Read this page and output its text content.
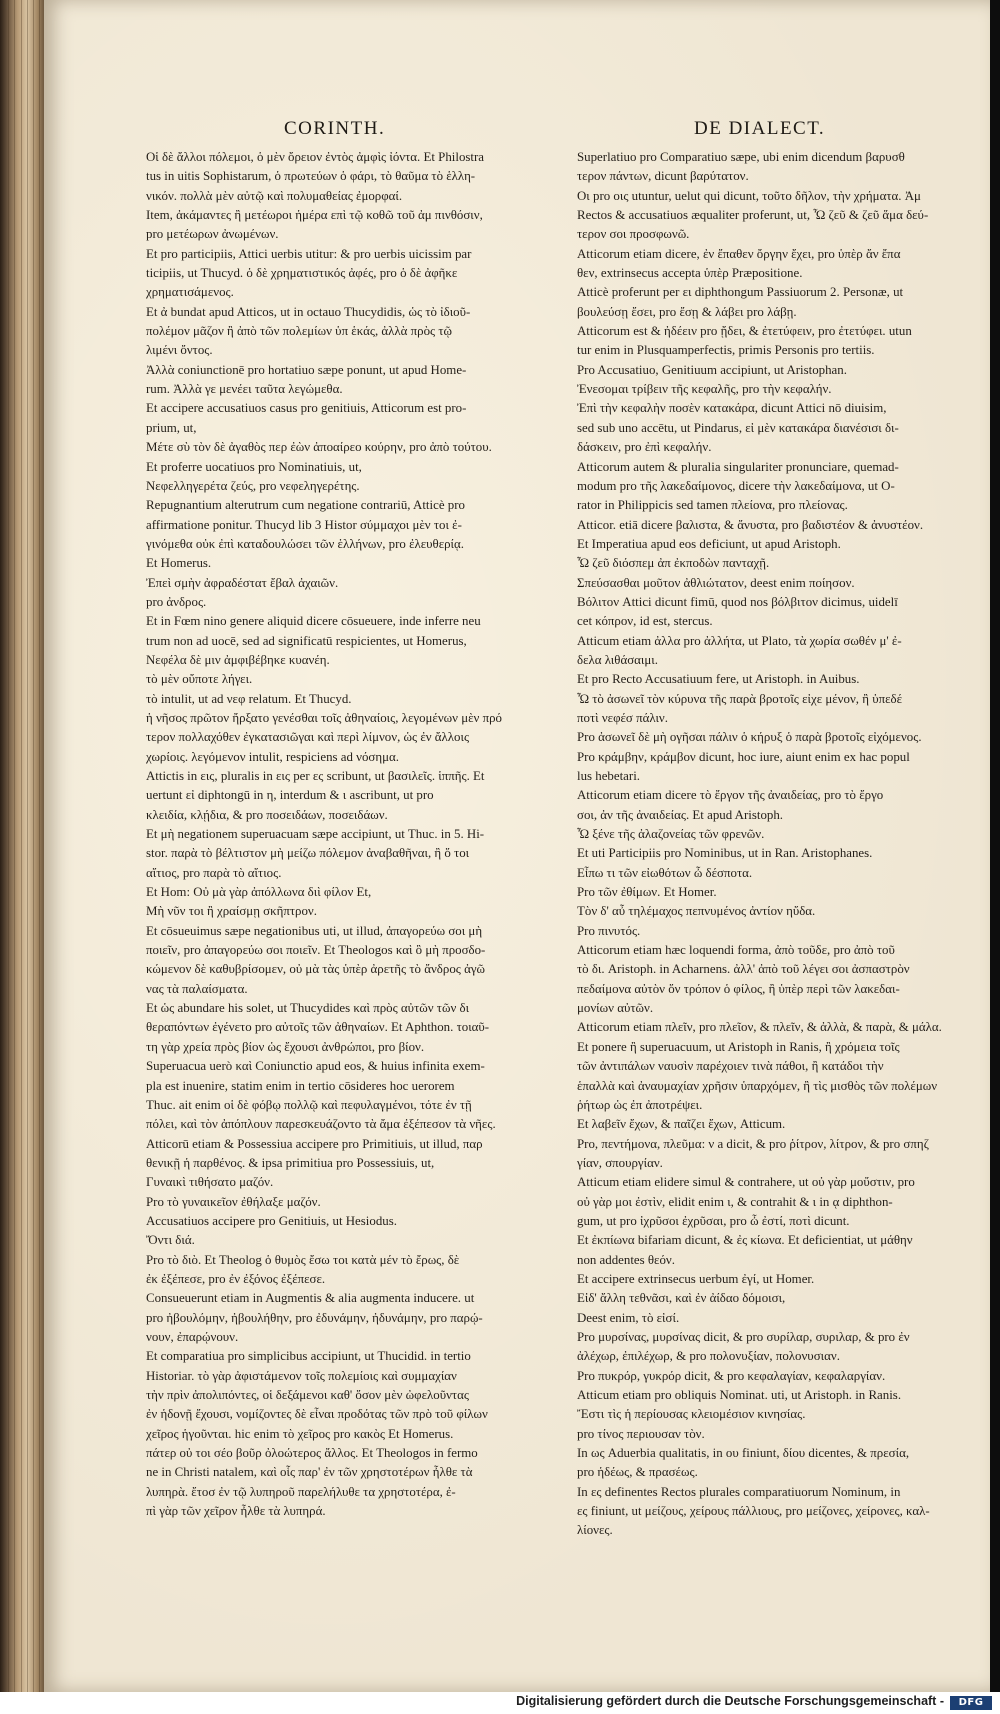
CORINTH.	DE DIALECT.

Οἱ δὲ ἄλλοι πόλεμοι, ὁ μὲν ὄρειον ἐντὸς ἀμφὶς ἰόντα. Et Philostra

tus in uitis Sophistarum, ὁ πρωτεύων ὁ φάρι, τὸ θαῦμα τὸ ἑλλη-

νικόν. πολλὰ μὲν αὐτῷ καὶ πολυμαθείας ἐμορφαί.

Item, ἀκάμαντες ἢ μετέωροι ἡμέρα επὶ τῷ κοθῶ τοῦ ἀμ πινθόσιν,

pro μετέωρων ἀνωμένων.

Et pro participiis, Attici uerbis utitur: & pro uerbis uicissim par

ticipiis, ut Thucyd. ὁ δὲ χρηματιστικός ἀφές, pro ὁ δὲ ἀφῆκε

χρηματισάμενος.

Et ἀ bundat apud Atticos, ut in octauo Thucydidis, ὡς τὸ ἰδιοῦ-

πολέμον μᾶζον ἢ ἀπὸ τῶν πολεμίων ὑπ ἑκάς, ἀλλὰ πρὸς τῷ

λιμένι ὄντος.

Ἀλλὰ coniunctionē pro hortatiuo sæpe ponunt, ut apud Home-

rum. Ἀλλὰ γε μενέει ταῦτα λεγώμεθα.

Et accipere accusatiuos casus pro genitiuis, Atticorum est pro-

prium, ut,

Μέτε σὺ τὸν δὲ ἀγαθὸς περ ἐὼν ἀποαίρεο κούρην, pro ἀπὸ τούτου.

Et proferre uocatiuos pro Nominatiuis, ut,

Νεφελληγερέτα ζεύς, pro νεφεληγερέτης.

Repugnantium alterutrum cum negatione contrariū, Atticè pro

affirmatione ponitur. Thucyd lib 3 Histor σύμμαχοι μὲν τοι ἐ-

γινόμεθα οὐκ ἐπὶ καταδουλώσει τῶν ἑλλήνων, pro ἐλευθερίᾳ.

Et Homerus.

Ἐπεὶ σμὴν ἀφραδέστατ ἔβαλ ἀχαιῶν.

pro ἀνδρος.

Et in Fœm nino genere aliquid dicere cōsueuere, inde inferre neu

trum non ad uocē, sed ad significatū respicientes, ut Homerus,

Νεφέλα δὲ μιν ἀμφιβέβηκε κυανέη.

τὸ μὲν οὔποτε λήγει.

τὸ intulit, ut ad νεφ relatum. Et Thucyd.

ἡ νῆσος πρῶτον ἤρξατο γενέσθαι τοῖς ἀθηναίοις, λεγομένων μὲν πρό

τερον πολλαχόθεν ἐγκατασιῶγαι καὶ περὶ λίμνον, ὡς ἐν ἄλλοις

χωρίοις. λεγόμενον intulit, respiciens ad νόσημα.

Attictis in εις, pluralis in εις per ες scribunt, ut βασιλεῖς. ἱππῆς. Et

uertunt εἰ diphtongū in η, interdum & ι ascribunt, ut pro

κλειδία, κλῄδια, & pro ποσειδάων, ποσειδάων.

Et μὴ negationem superuacuam sæpe accipiunt, ut Thuc. in 5. Hi-

stor. παρὰ τὸ βέλτιστον μὴ μείζω πόλεμον ἀναβαθῆναι, ἢ ὅ τοι

αἴτιος, pro παρὰ τὸ αἴτιος.

Et Hom: Οὐ μὰ γὰρ ἀπόλλωνα διὶ φίλον Et,

Μὴ νῦν τοι ἢ χραίσμῃ σκῆπτρον.

Et cōsueuimus sæpe negationibus uti, ut illud, ἀπαγορεύω σοι μὴ

ποιεῖν, pro ἀπαγορεύω σοι ποιεῖν. Et Theologos καὶ ὃ μὴ προσδο-

κώμενον δὲ καθυβρίσομεν, οὐ μὰ τὰς ὑπὲρ ἀρετῆς τὸ ἄνδρος ἀγῶ

νας τὰ παλαίσματα.

Et ὡς abundare his solet, ut Thucydides καὶ πρὸς αὐτῶν τῶν δι

θεραπόντων ἐγένετο pro αὐτοῖς τῶν ἀθηναίων. Et Aphthon. τοιαῦ-

τη γὰρ χρεία πρὸς βίον ὡς ἔχουσι ἀνθρώποι, pro βίον.

Superuacua uerò καὶ Coniunctio apud eos, & huius infinita exem-

pla est inuenire, statim enim in tertio cōsideres hoc uerorem

Thuc. ait enim οἱ δὲ φόβῳ πολλῷ καὶ πεφυλαγμένοι, τότε ἐν τῇ

πόλει, καὶ τὸν ἀπόπλουν παρεσκευάζοντο τὰ ἄμα ἐξέπεσον τὰ νῆες.

Atticorū etiam & Possessiua accipere pro Primitiuis, ut illud, παρ

θενικῇ ἡ παρθένος. & ipsa primitiua pro Possessiuis, ut,

Γυναικὶ τιθήσατο μαζόν.

Pro τὸ γυναικεῖον ἐθήλαξε μαζόν.

Accusatiuos accipere pro Genitiuis, ut Hesiodus.

Ὄντι διά.

Pro τὸ διὸ. Et Theolog ὁ θυμὸς ἔσω τοι κατὰ μέν τὸ ἔρως, δὲ

ἐκ ἐξέπεσε, pro ἐν ἐξόνος ἐξέπεσε.

Consueuerunt etiam in Augmentis & alia augmenta inducere. ut

pro ἠβουλόμην, ἠβουλήθην, pro ἐδυνάμην, ἠδυνάμην, pro παρῴ-

νουν, ἐπαρῴνουν.

Et comparatiua pro simplicibus accipiunt, ut Thucidid. in tertio

Historiar. τὸ γὰρ ἀφιστάμενον τοῖς πολεμίοις καὶ συμμαχίαν

τὴν πρὶν ἀπολιπόντες, οἱ δεξάμενοι καθ' ὅσον μὲν ὠφελοῦντας

ἐν ἡδονῇ ἔχουσι, νομίζοντες δὲ εἶναι προδότας τῶν πρὸ τοῦ φίλων

χεῖρος ἡγοῦνται. hic enim τὸ χεῖρος pro κακὸς Et Homerus.

πάτερ οὐ τοι σέο βοῦρ ὀλοώτερος ἄλλος. Et Theologos in fermo

ne in Christi natalem, καὶ οἷς παρ' ἐν τῶν χρηστοτέρων ἦλθε τὰ

λυπηρὰ. ἔτοσ ἐν τῷ λυπηροῦ παρελήλυθε τα χρηστοτέρα, ἐ-

πὶ γὰρ τῶν χεῖρον ἦλθε τὰ λυπηρά.

Superlatiuo pro Comparatiuo sæpe, ubi enim dicendum βαρυσθ

τερον πάντων, dicunt βαρύτατον.

Οι pro οις utuntur, uelut qui dicunt, τοῦτο δῆλον, τὴν χρήματα. Ἀμ

Rectos & accusatiuos æqualiter proferunt, ut, Ὦ ζεῦ & ζεῦ ἅμα δεύ-

τερον σοι προσφωνῶ.

Atticorum etiam dicere, ἐν ἔπαθεν ὄργην ἔχει, pro ὑπὲρ ἄν ἔπα

θεν, extrinsecus accepta ὑπὲρ Præpositione.

Atticè proferunt per ει diphthongum Passiuorum 2. Personæ, ut

βουλεύσῃ ἔσει, pro ἔσῃ & λάβει pro λάβῃ.

Atticorum est & ἠδέειν pro ᾔδει, & ἐτετύφειν, pro ἐτετύφει. utun

tur enim in Plusquamperfectis, primis Personis pro tertiis.

Pro Accusatiuo, Genitiuum accipiunt, ut Aristophan.

Ἐνεσομαι τρίβειν τῆς κεφαλῆς, pro τὴν κεφαλήν.

Ἐπὶ τὴν κεφαλὴν ποσὲν κατακάρα, dicunt Attici nō diuisim,

sed sub uno accētu, ut Pindarus, εἰ μὲν κατακάρα διανέσισι δι-

δάσκειν, pro ἐπὶ κεφαλήν.

Atticorum autem & pluralia singulariter pronunciare, quemad-

modum pro τῆς λακεδαίμονος, dicere τὴν λακεδαίμονα, ut O-

rator in Philippicis sed tamen πλείονα, pro πλείονας.

Atticor. etiā dicere βαλιστα, & ἄνυστα, pro βαδιστέον & ἀνυστέον.

Et Imperatiua apud eos deficiunt, ut apud Aristoph.

Ὦ ζεῦ διόσπεμ ἀπ ἐκποδὼν πανταχῇ.

Σπεύσασθαι μοῦτον ἀθλιώτατον, deest enim ποίησον.

Βόλιτον Attici dicunt fimū, quod nos βόλβιτον dicimus, uidelī

cet κόπρον, id est, stercus.

Atticum etiam ἀλλα pro ἀλλήτα, ut Plato, τὰ χωρία σωθέν μ' ἐ-

δελα λιθάσαιμι.

Et pro Recto Accusatiuum fere, ut Aristoph. in Auibus.

Ὦ τὸ ἀσωνεῖ τὸν κύρυνα τῆς παρὰ βροτοῖς εἰχε μένον, ἢ ὑπεδέ

ποτὶ νεφέσ πάλιν.

Pro ἀσωνεῖ δὲ μὴ ογῆσαι πάλιν ὁ κήρυξ ὁ παρὰ βροτοῖς εἰχόμενος.

Pro κράμβην, κράμβον dicunt, hoc iure, aiunt enim ex hac popul

lus hebetari.

Atticorum etiam dicere τὸ ἔργον τῆς ἀναιδείας, pro τὸ ἔργο

σοι, ἀν τῆς ἀναιδείας. Et apud Aristoph.

Ὦ ξένε τῆς ἀλαζονείας τῶν φρενῶν.

Et uti Participiis pro Nominibus, ut in Ran. Aristophanes.

Εἶπω τι τῶν εἰωθότων ὦ δέσποτα.

Pro τῶν ἐθίμων. Et Homer.

Τὸν δ' αὖ τηλέμαχος πεπνυμένος ἀντίον ηὔδα.

Pro πινυτός.

Atticorum etiam hæc loquendi forma, ἀπὸ τοῦδε, pro ἀπὸ τοῦ

τὸ δι. Aristoph. in Acharnens. ἀλλ' ἀπὸ τοῦ λέγει σοι ἀσπαστρὸν

πεδαίμονα αὐτὸν ὅν τρόπον ὁ φίλος, ἢ ὑπὲρ περὶ τῶν λακεδαι-

μονίων αὐτῶν.

Atticorum etiam πλεῖν, pro πλεῖον, & πλεῖν, & ἀλλὰ, & παρὰ, & μάλα.

Et ponere ἢ superuacuum, ut Aristoph in Ranis, ἢ χρόμεια τοῖς

τῶν ἀντιπάλων ναυσὶν παρέχοιεν τινὰ πάθοι, ἢ κατάδοι τὴν

ἑπαλλὰ καὶ ἀναυμαχίαν χρῆσιν ὑπαρχόμεν, ἢ τὶς μισθὸς τῶν πολέμων

ῥήτωρ ὡς ἐπ ἀποτρέψει.

Et λαβεῖν ἔχων, & παῖζει ἔχων, Atticum.

Pro, πεντήμονα, πλεῦμα: ν a dicit, & pro ῥίτρον, λίτρον, & pro σπηζ

γίαν, σπουργίαν.

Atticum etiam elidere simul & contrahere, ut οὐ γὰρ μοὔστιν, pro

οὐ γὰρ μοι ἐστὶν, elidit enim ι, & contrahit & ι in ᾳ diphthon-

gum, ut pro ἰχρῦσοι ἐχρῦσαι, pro ὦ ἐστί, ποτὶ dicunt.

Et ἐκπίωνα bifariam dicunt, & ἐς κίωνα. Et deficientiat, ut μάθην

non addentes θεόν.

Et accipere extrinsecus uerbum ἐγί, ut Homer.

Εἰδ' ἄλλη τεθνᾶσι, καὶ ἐν ἀίδαο δόμοισι,

Deest enim, τὸ εἰσί.

Pro μυρσίνας, μυρσίνας dicit, & pro συρίλαρ, συριλαρ, & pro ἐν

ἀλέχωρ, ἐπιλέχωρ, & pro πολονυξίαν, πολονυσιαν.

Pro πυκρόρ, γυκρόρ dicit, & pro κεφαλαγίαν, κεφαλαργίαν.

Atticum etiam pro obliquis Nominat. uti, ut Aristoph. in Ranis.

Ἔστι τὶς ἡ περίουσας κλειομέσιον κινησίας.

pro τίνος περιουσαν τὸν.

In ως Aduerbia qualitatis, in ου finiunt, δίου dicentes, & πρεσία,

pro ἡδέως, & πρασέως.

In ες definentes Rectos plurales comparatiuorum Nominum, in

ες finiunt, ut μείζους, χείρους πάλλιους, pro μείζονες, χείρονες, καλ-

λίονες.

Digitalisierung gefördert durch die Deutsche Forschungsgemeinschaft -	DFG
